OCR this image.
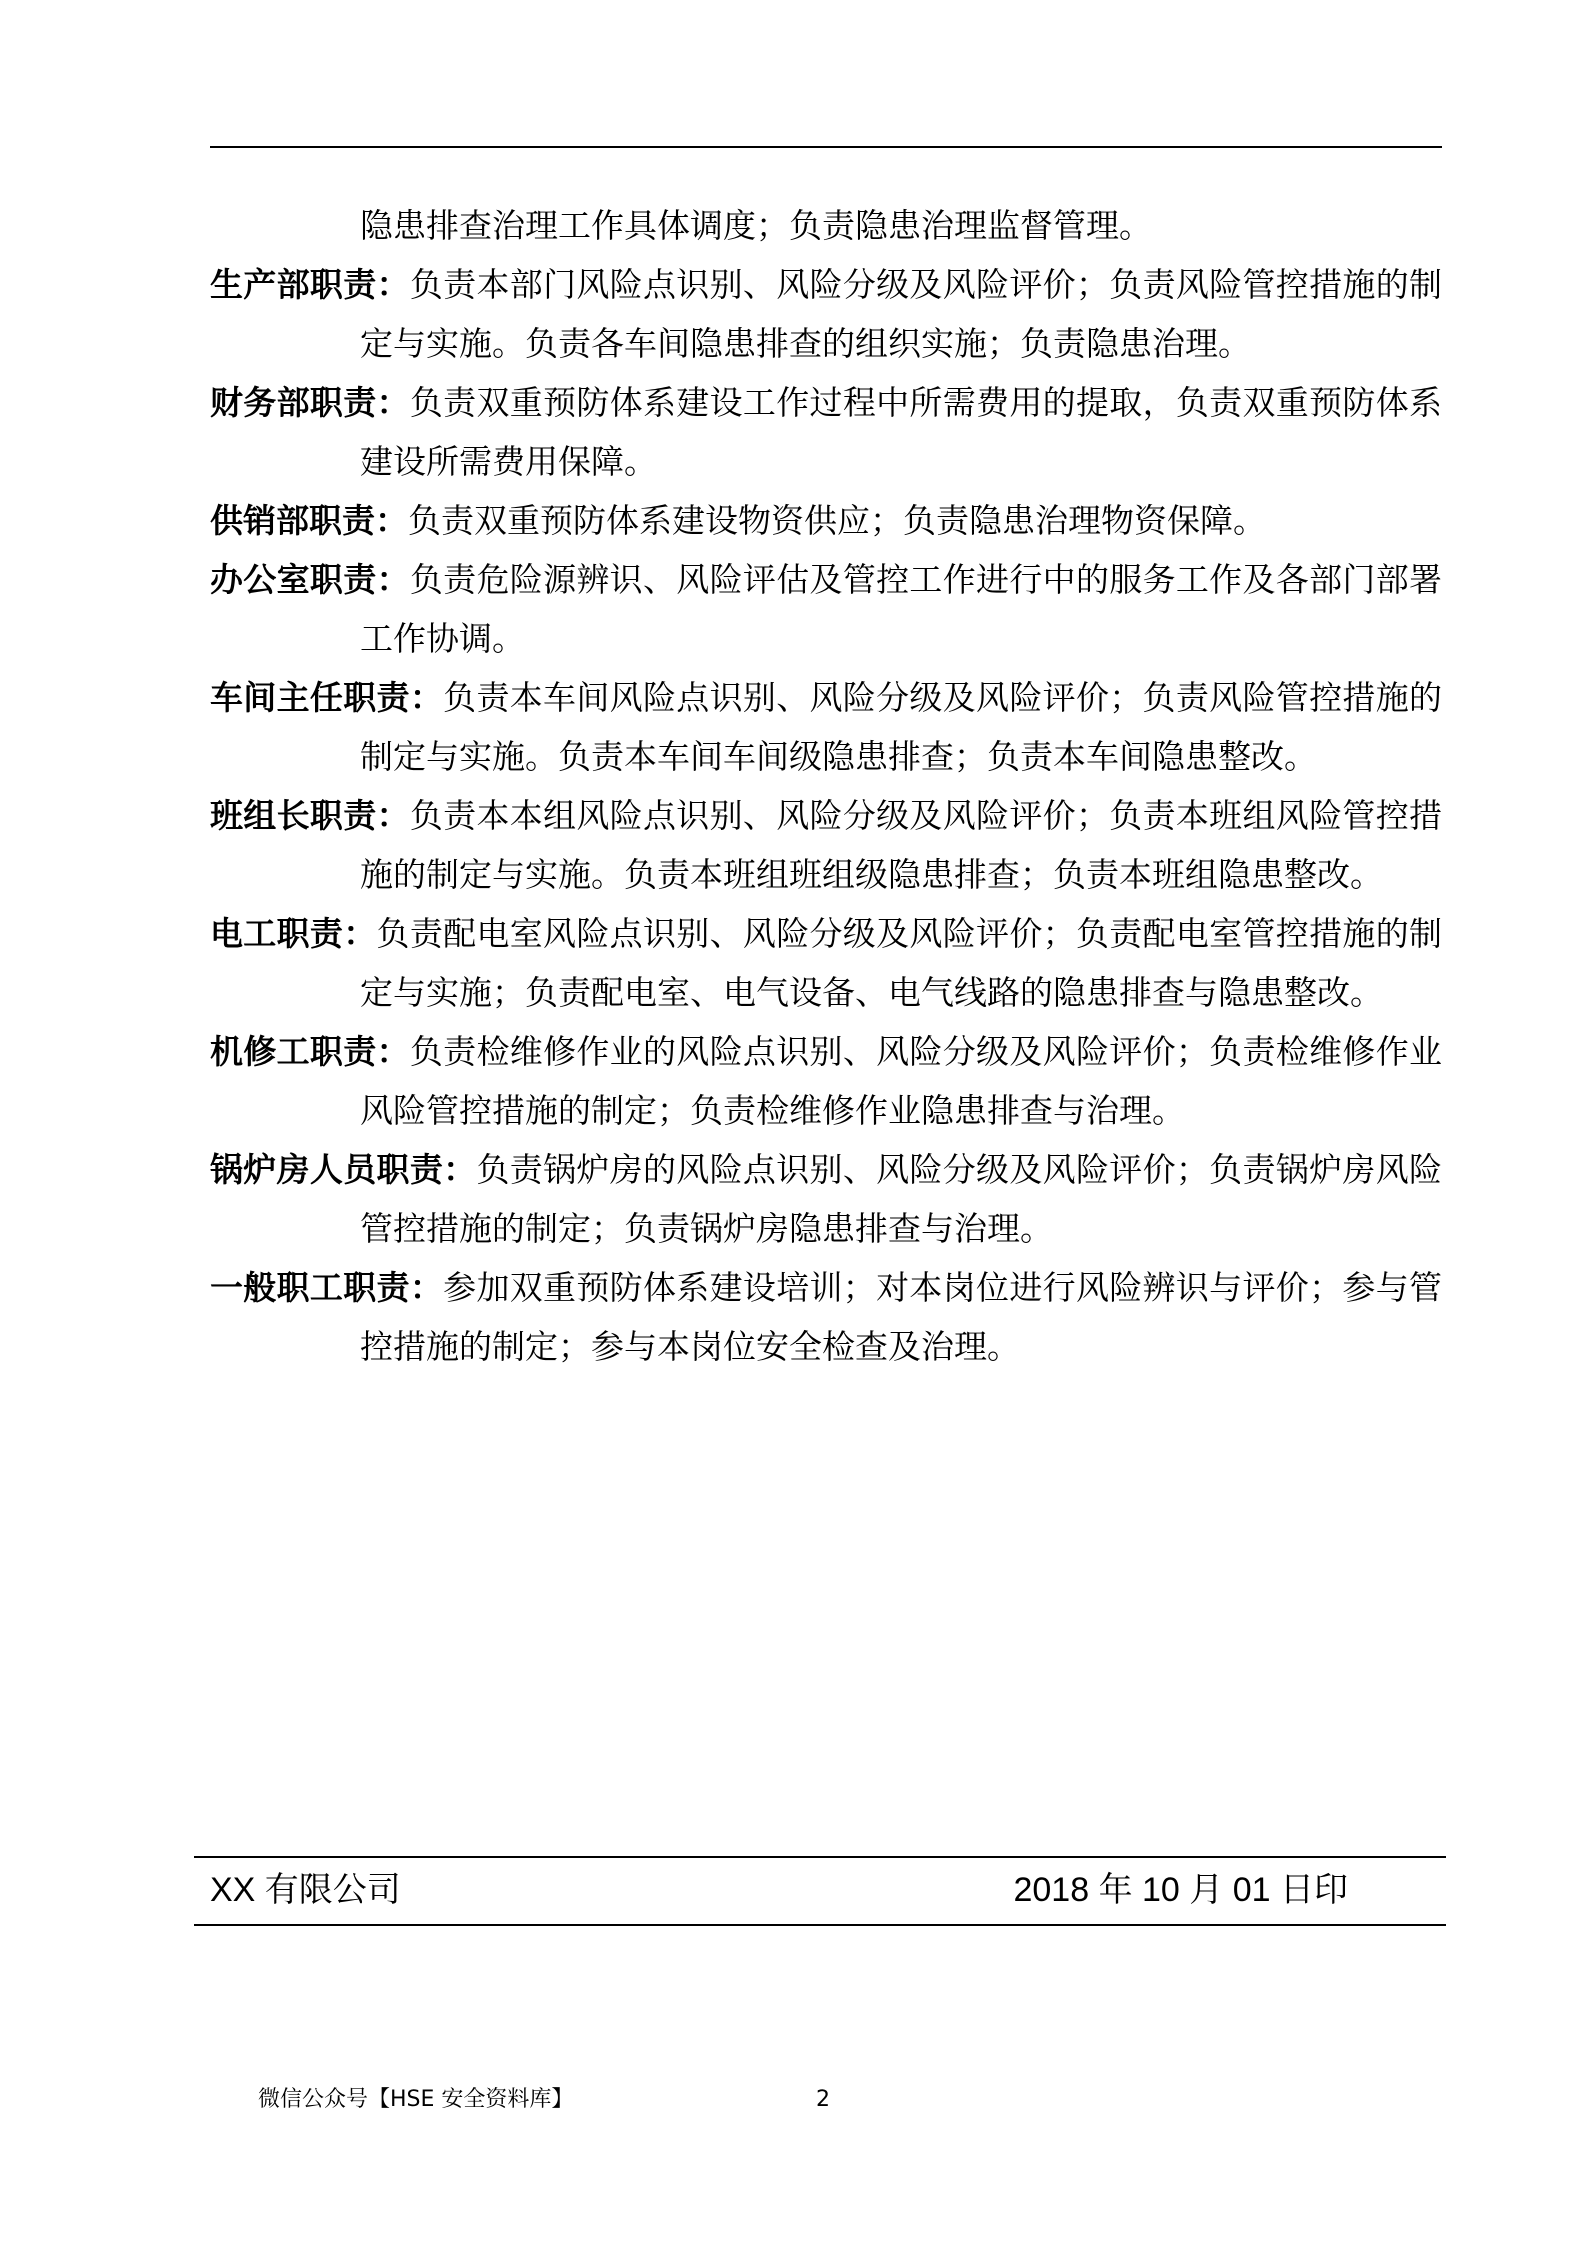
隐患排查治理工作具体调度；负责隐患治理监督管理。
生产部职责：负责本部门风险点识别、风险分级及风险评价；负责风险管控措施的制定与实施。负责各车间隐患排查的组织实施；负责隐患治理。
财务部职责：负责双重预防体系建设工作过程中所需费用的提取，负责双重预防体系建设所需费用保障。
供销部职责：负责双重预防体系建设物资供应；负责隐患治理物资保障。
办公室职责：负责危险源辨识、风险评估及管控工作进行中的服务工作及各部门部署工作协调。
车间主任职责：负责本车间风险点识别、风险分级及风险评价；负责风险管控措施的制定与实施。负责本车间车间级隐患排查；负责本车间隐患整改。
班组长职责：负责本本组风险点识别、风险分级及风险评价；负责本班组风险管控措施的制定与实施。负责本班组班组级隐患排查；负责本班组隐患整改。
电工职责：负责配电室风险点识别、风险分级及风险评价；负责配电室管控措施的制定与实施；负责配电室、电气设备、电气线路的隐患排查与隐患整改。
机修工职责：负责检维修作业的风险点识别、风险分级及风险评价；负责检维修作业风险管控措施的制定；负责检维修作业隐患排查与治理。
锅炉房人员职责：负责锅炉房的风险点识别、风险分级及风险评价；负责锅炉房风险管控措施的制定；负责锅炉房隐患排查与治理。
一般职工职责：参加双重预防体系建设培训；对本岗位进行风险辨识与评价；参与管控措施的制定；参与本岗位安全检查及治理。
XX 有限公司	2018 年 10 月 01 日印
微信公众号【HSE 安全资料库】	2
